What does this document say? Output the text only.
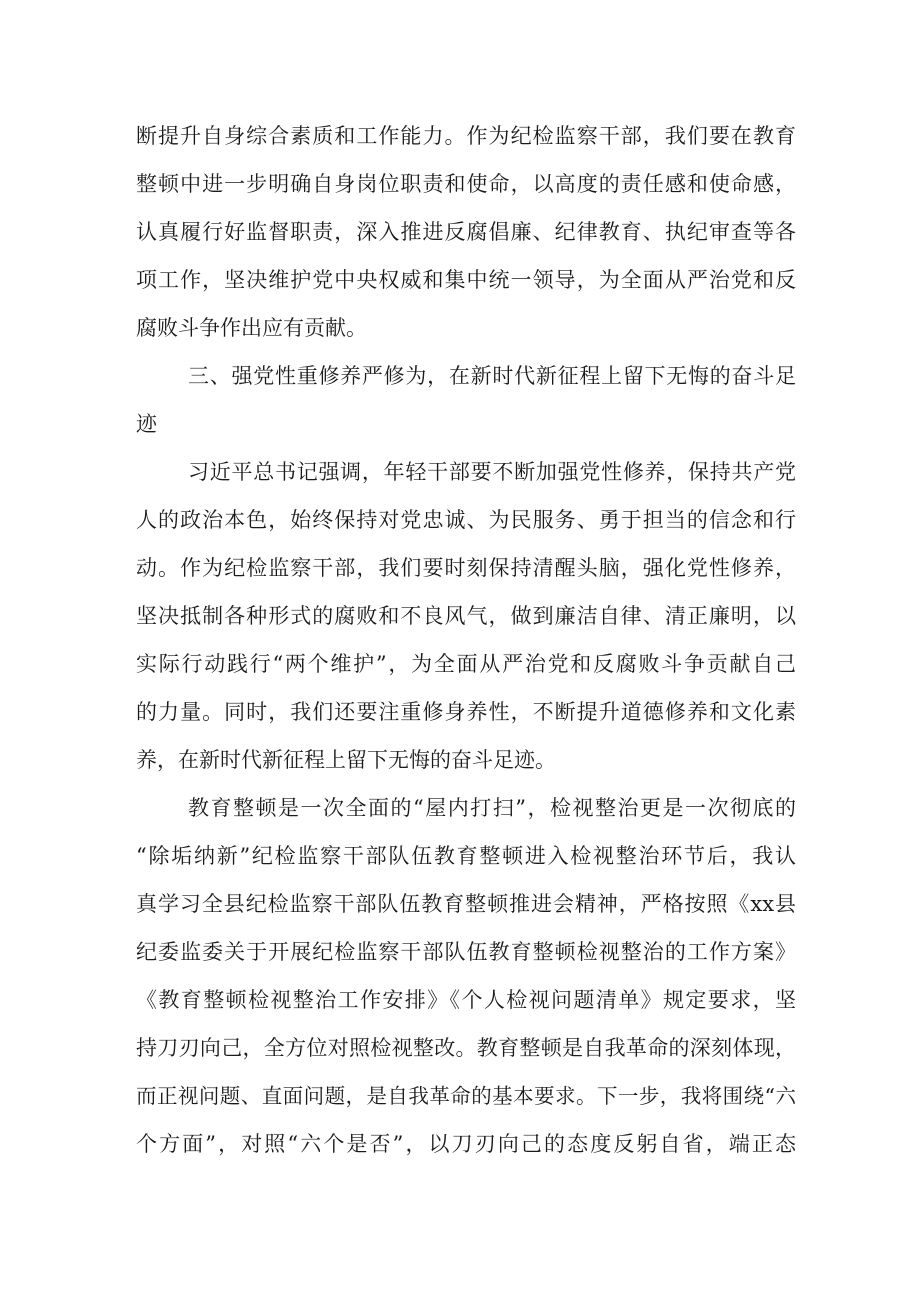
断提升自身综合素质和工作能力。作为纪检监察干部，我们要在教育
整顿中进一步明确自身岗位职责和使命，以高度的责任感和使命感，
认真履行好监督职责，深入推进反腐倡廉、纪律教育、执纪审查等各
项工作，坚决维护党中央权威和集中统一领导，为全面从严治党和反
腐败斗争作出应有贡献。
三、强党性重修养严修为，在新时代新征程上留下无悔的奋斗足
迹
习近平总书记强调，年轻干部要不断加强党性修养，保持共产党
人的政治本色，始终保持对党忠诚、为民服务、勇于担当的信念和行
动。作为纪检监察干部，我们要时刻保持清醒头脑，强化党性修养，
坚决抵制各种形式的腐败和不良风气，做到廉洁自律、清正廉明，以
实际行动践行“两个维护”，为全面从严治党和反腐败斗争贡献自己
的力量。同时，我们还要注重修身养性，不断提升道德修养和文化素
养，在新时代新征程上留下无悔的奋斗足迹。
教育整顿是一次全面的“屋内打扫”，检视整治更是一次彻底的
“除垢纳新”纪检监察干部队伍教育整顿进入检视整治环节后，我认
真学习全县纪检监察干部队伍教育整顿推进会精神，严格按照《xx县
纪委监委关于开展纪检监察干部队伍教育整顿检视整治的工作方案》
《教育整顿检视整治工作安排》《个人检视问题清单》规定要求，坚
持刀刃向己，全方位对照检视整改。教育整顿是自我革命的深刻体现，
而正视问题、直面问题，是自我革命的基本要求。下一步，我将围绕“六
个方面”，对照“六个是否”，以刀刃向己的态度反躬自省，端正态
